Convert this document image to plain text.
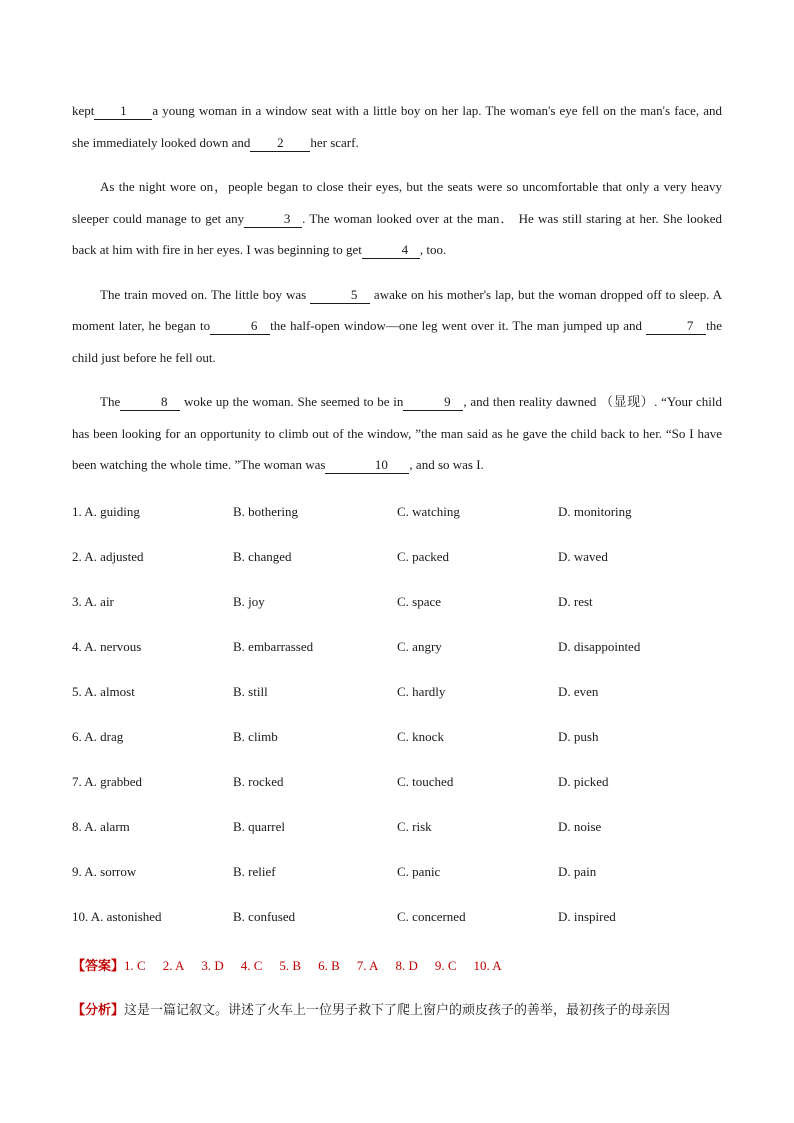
kept 1 a young woman in a window seat with a little boy on her lap. The woman's eye fell on the man's face, and she immediately looked down and 2 her scarf.

As the night wore on，people began to close their eyes, but the seats were so uncomfortable that only a very heavy sleeper could manage to get any	3 . The woman looked over at the man． He was still staring at her. She looked back at him with fire in her eyes. I was beginning to get	4 , too.

The train moved on. The little boy was	5 awake on his mother's lap, but the woman dropped off to sleep. A moment later, he began to	6 the half-open window—one leg went over it. The man jumped up and	7 the child just before he fell out.

The	8 woke up the woman. She seemed to be in	9 , and then reality dawned （显现）. “Your child has been looking for an opportunity to climb out of the window, ”the man said as he gave the child back to her. “So I have been watching the whole time. ”The woman was	10 , and so was I.

1. A. guiding	B. bothering	C. watching	D. monitoring
2. A. adjusted	B. changed	C. packed	D. waved
3. A. air	B. joy	C. space	D. rest
4. A. nervous	B. embarrassed	C. angry	D. disappointed
5. A. almost	B. still	C. hardly	D. even
6. A. drag	B. climb	C. knock	D. push
7. A. grabbed	B. rocked	C. touched	D. picked
8. A. alarm	B. quarrel	C. risk	D. noise
9. A. sorrow	B. relief	C. panic	D. pain
10. A. astonished	B. confused	C. concerned	D. inspired
【答案】1. C 2. A 3. D 4. C 5. B 6. B 7. A 8. D 9. C 10. A
【分析】这是一篇记叙文。讲述了火车上一位男子救下了爬上窗户的顽皮孩子的善举，最初孩子的母亲因
